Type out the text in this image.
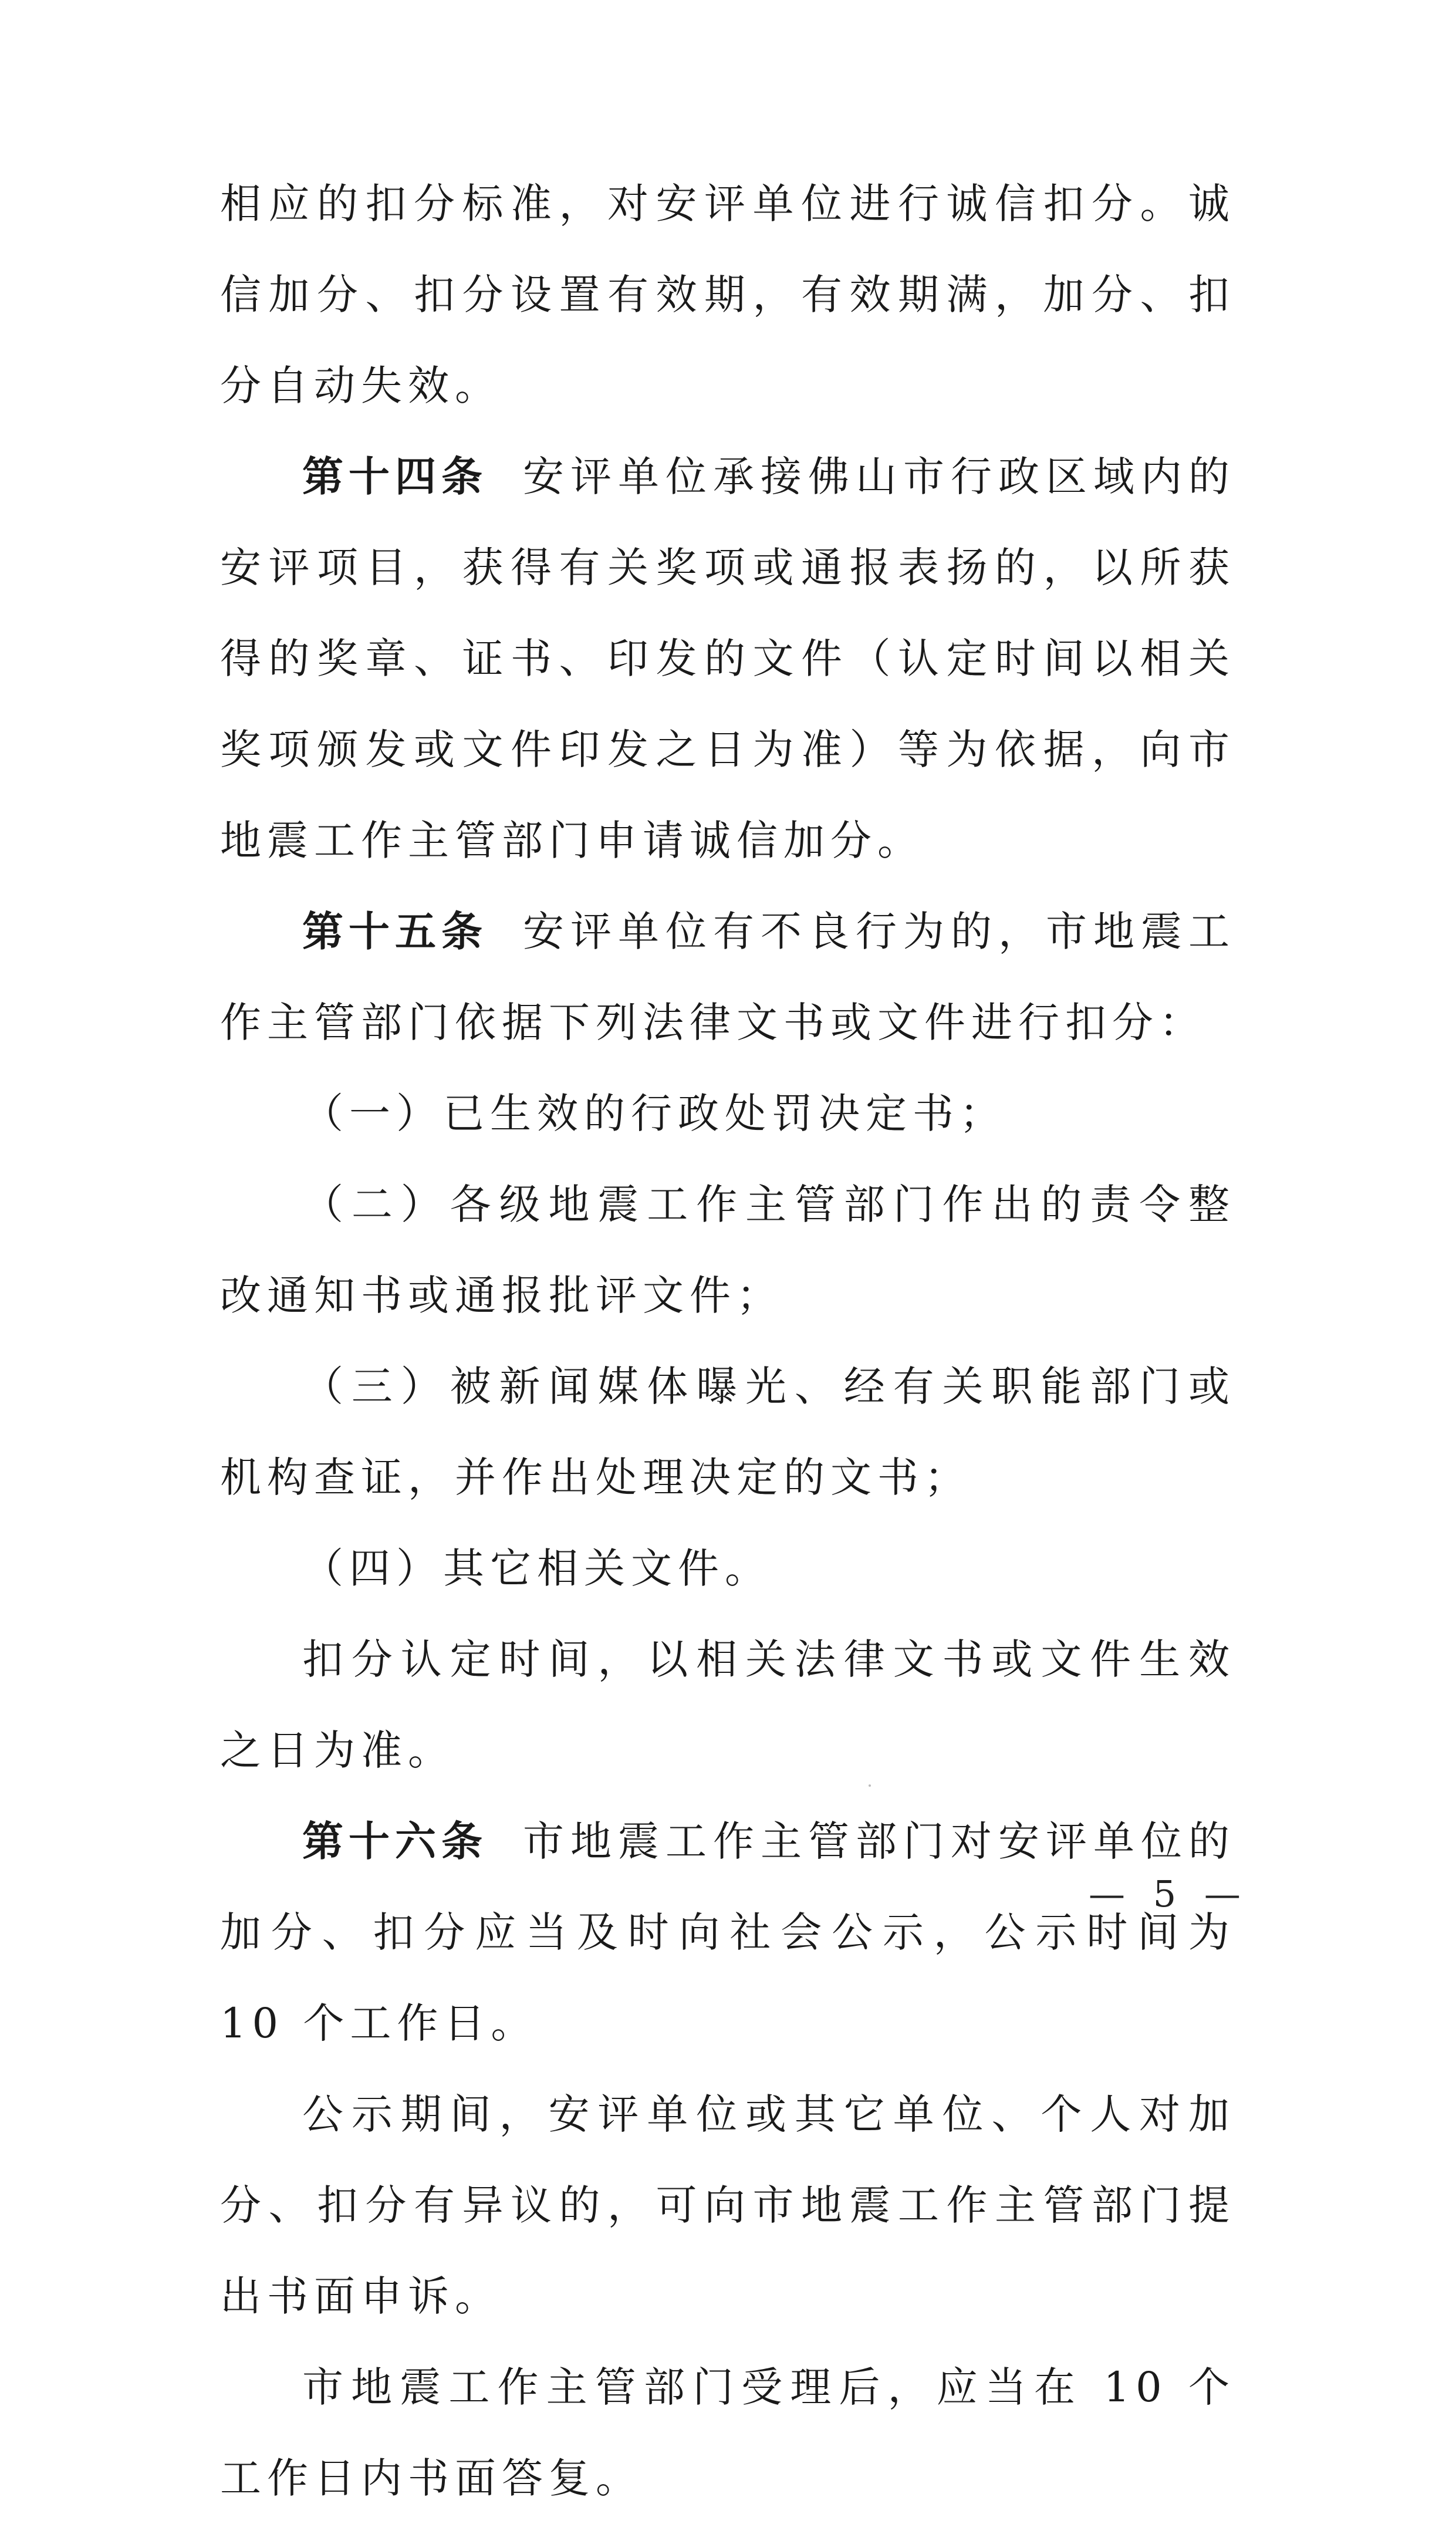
相应的扣分标准，对安评单位进行诚信扣分。诚信加分、扣分设置有效期，有效期满，加分、扣分自动失效。

第十四条 安评单位承接佛山市行政区域内的安评项目，获得有关奖项或通报表扬的，以所获得的奖章、证书、印发的文件（认定时间以相关奖项颁发或文件印发之日为准）等为依据，向市地震工作主管部门申请诚信加分。

第十五条 安评单位有不良行为的，市地震工作主管部门依据下列法律文书或文件进行扣分：

（一）已生效的行政处罚决定书；

（二）各级地震工作主管部门作出的责令整改通知书或通报批评文件；

（三）被新闻媒体曝光、经有关职能部门或机构查证，并作出处理决定的文书；

（四）其它相关文件。

扣分认定时间，以相关法律文书或文件生效之日为准。

第十六条 市地震工作主管部门对安评单位的加分、扣分应当及时向社会公示，公示时间为 10 个工作日。

公示期间，安评单位或其它单位、个人对加分、扣分有异议的，可向市地震工作主管部门提出书面申诉。

市地震工作主管部门受理后，应当在 10 个工作日内书面答复。

— 5 —
